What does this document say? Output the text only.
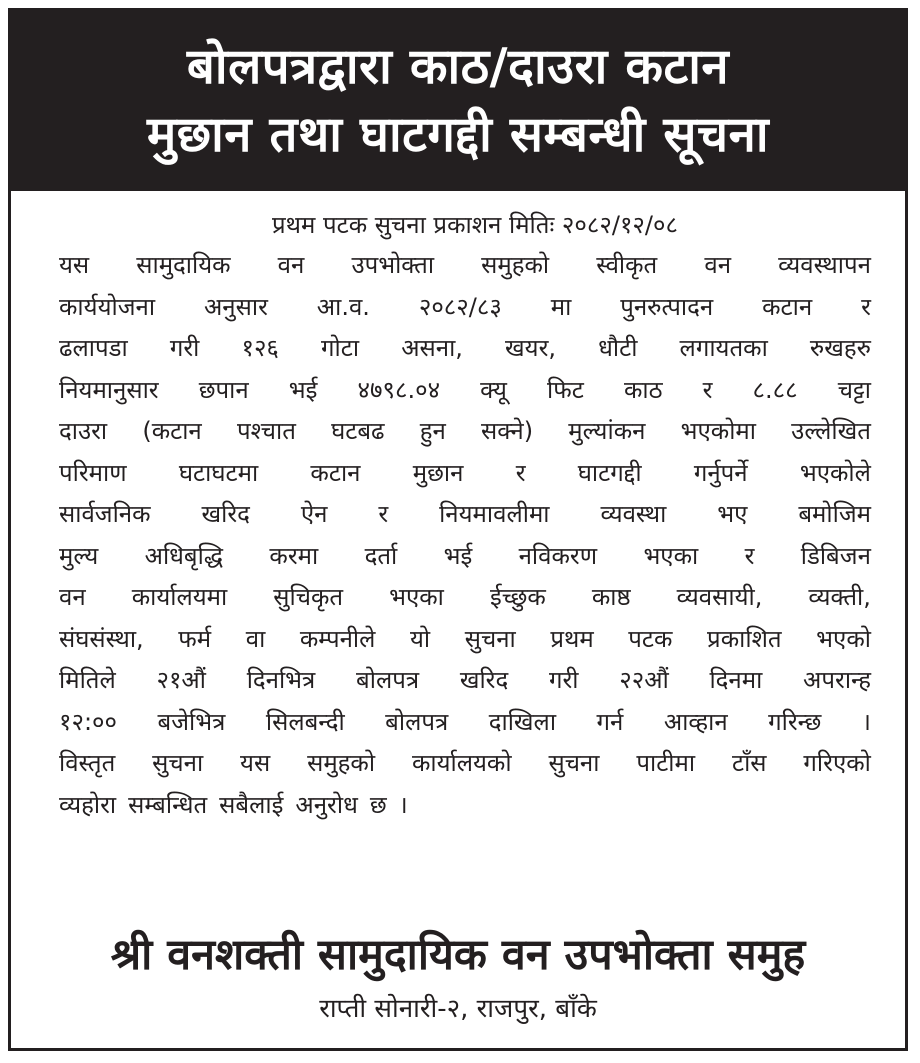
बोलपत्रद्वारा काठ/दाउरा कटान
मुछान तथा घाटगद्दी सम्बन्धी सूचना
प्रथम पटक सुचना प्रकाशन मितिः २०८२/१२/०८
यस सामुदायिक वन उपभोक्ता समुहको स्वीकृत वन व्यवस्थापन
कार्ययोजना अनुसार आ.व. २०८२/८३ मा पुनरुत्पादन कटान र
ढलापडा गरी १२६ गोटा असना, खयर, धौटी लगायतका रुखहरु
नियमानुसार छपान भई ४७९८.०४ क्यू फिट काठ र ८.८८ चट्टा
दाउरा (कटान पश्चात घटबढ हुन सक्ने) मुल्यांकन भएकोमा उल्लेखित
परिमाण घटाघटमा कटान मुछान र घाटगद्दी गर्नुपर्ने भएकोले
सार्वजनिक खरिद ऐन र नियमावलीमा व्यवस्था भए बमोजिम
मुल्य अधिबृद्धि करमा दर्ता भई नविकरण भएका र डिबिजन
वन कार्यालयमा सुचिकृत भएका ईच्छुक काष्ठ व्यवसायी, व्यक्ती,
संघसंस्था, फर्म वा कम्पनीले यो सुचना प्रथम पटक प्रकाशित भएको
मितिले २१औं दिनभित्र बोलपत्र खरिद गरी २२औं दिनमा अपरान्ह
१२:०० बजेभित्र सिलबन्दी बोलपत्र दाखिला गर्न आव्हान गरिन्छ ।
विस्तृत सुचना यस समुहको कार्यालयको सुचना पाटीमा टाँस गरिएको
व्यहोरा सम्बन्धित सबैलाई अनुरोध छ ।
श्री वनशक्ती सामुदायिक वन उपभोक्ता समुह
राप्ती सोनारी-२, राजपुर, बाँके
